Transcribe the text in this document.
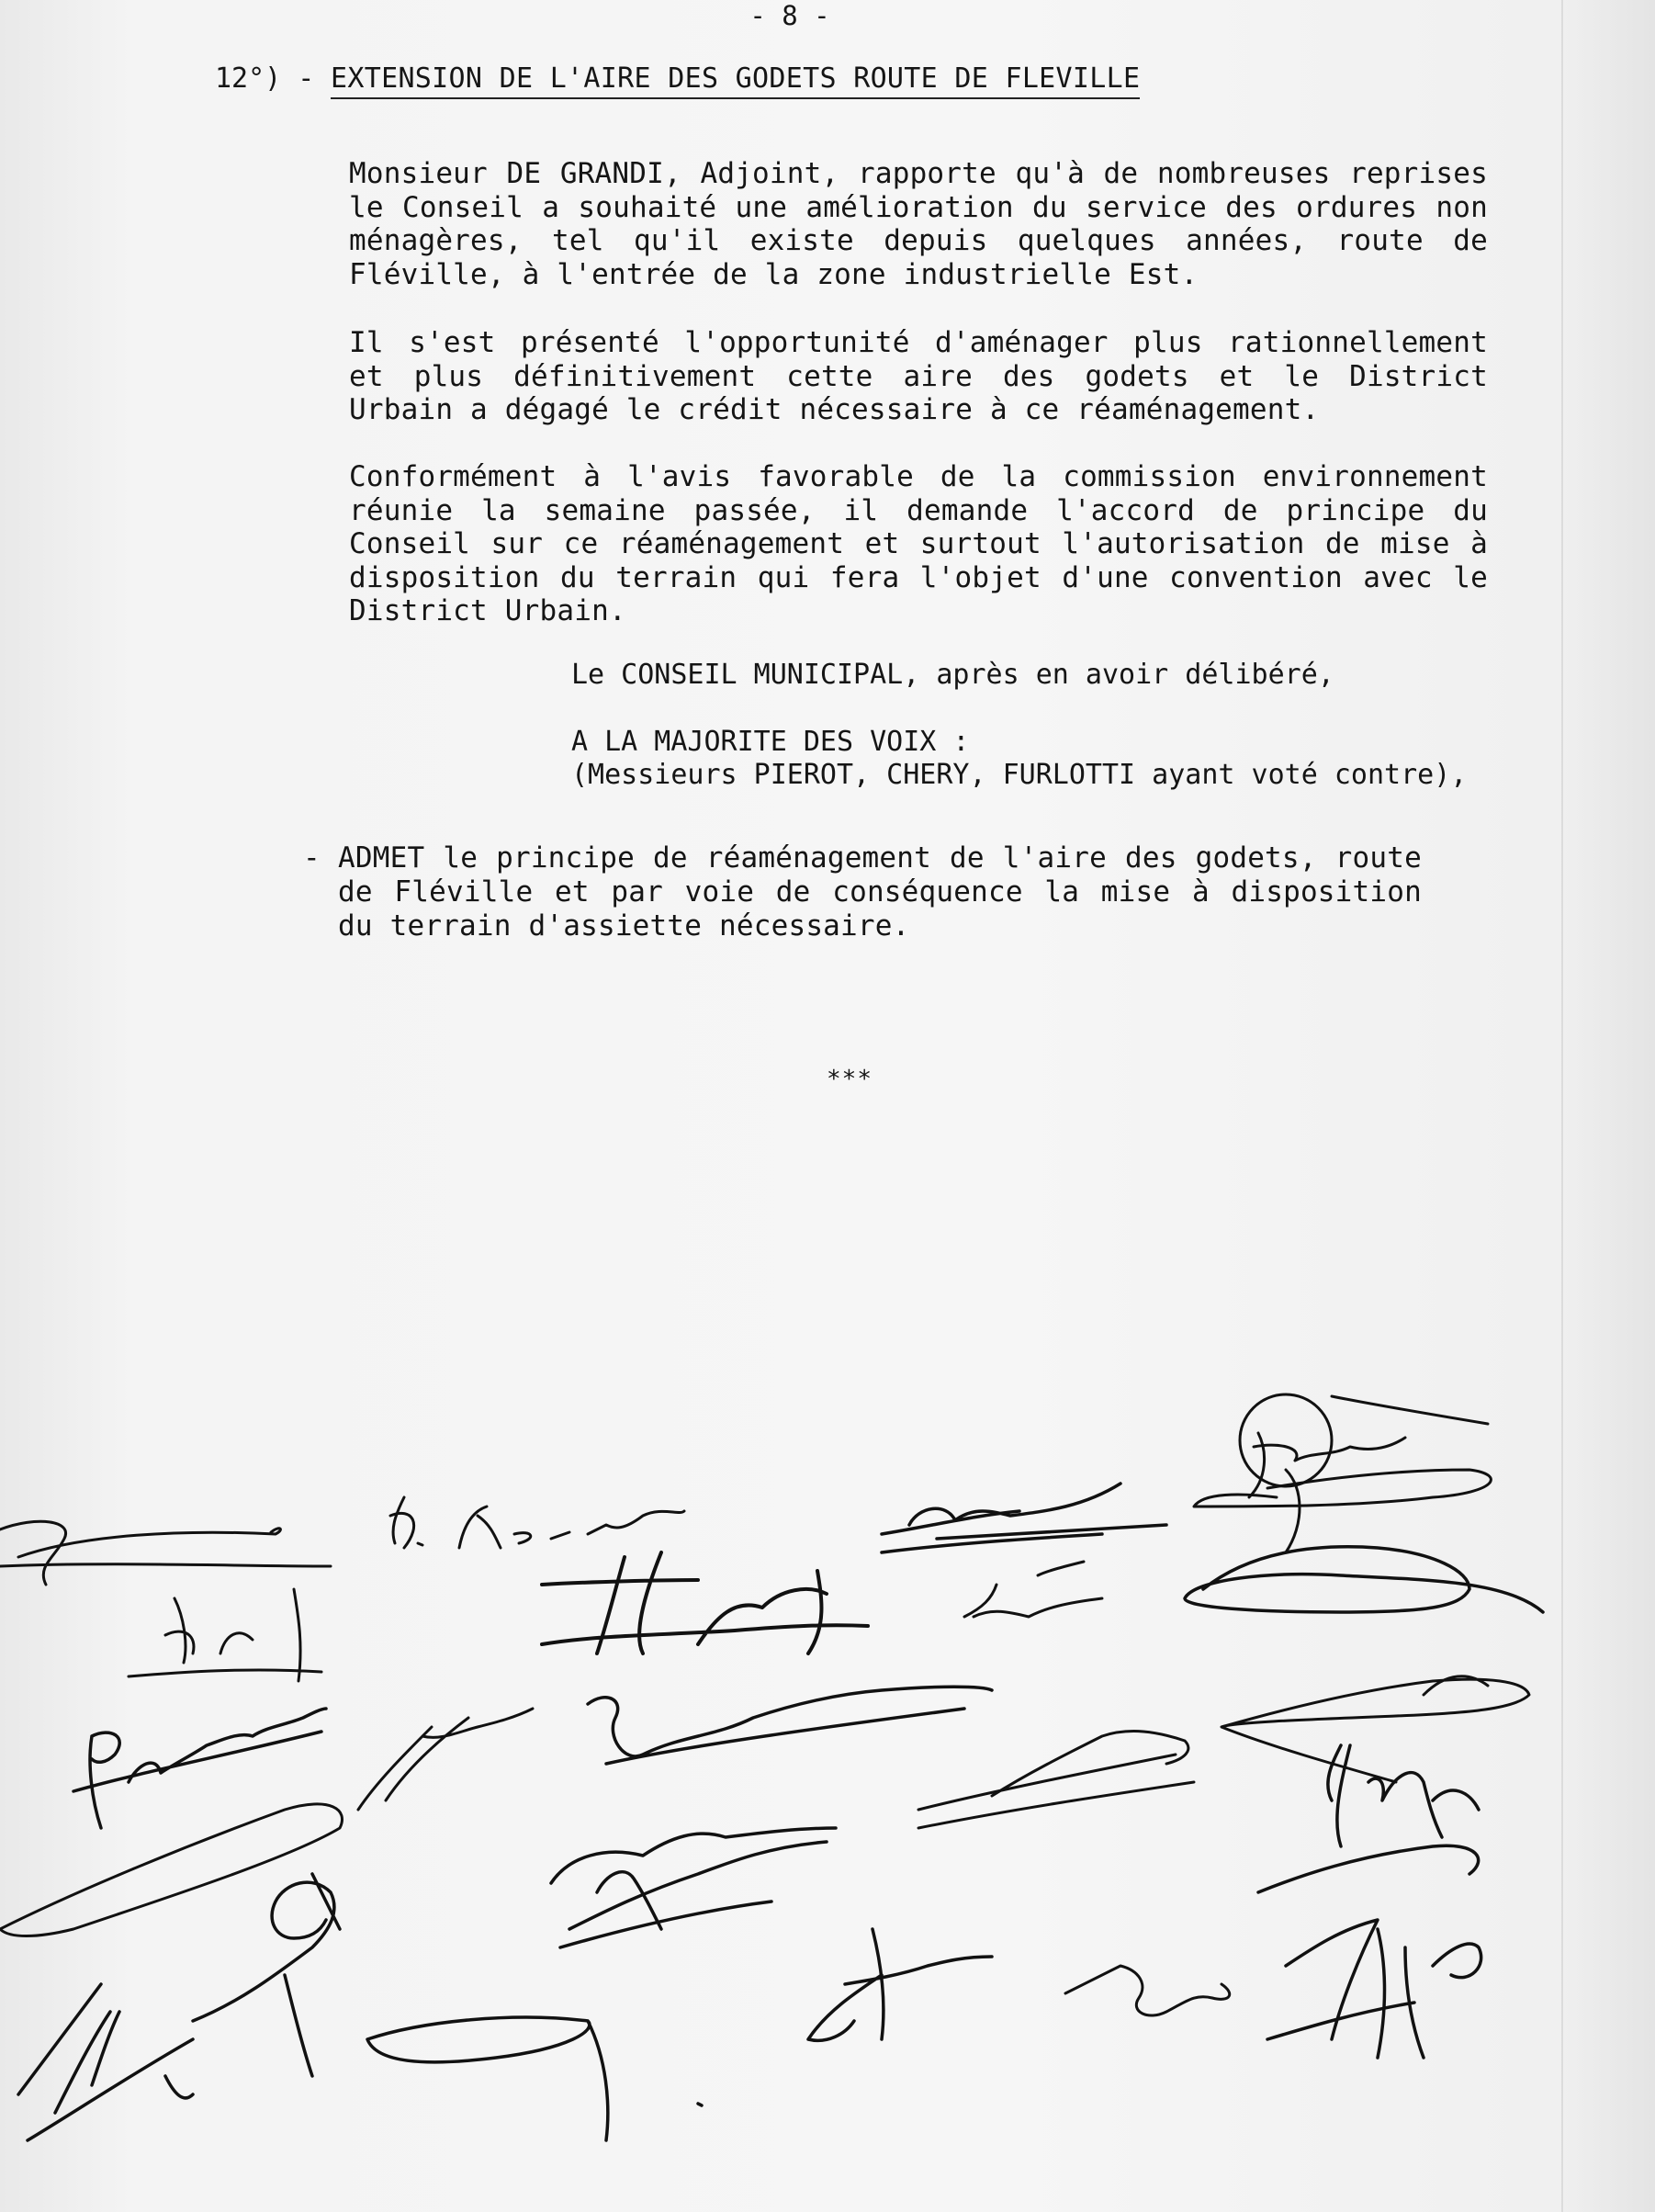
- 8 -
12°) - EXTENSION DE L'AIRE DES GODETS ROUTE DE FLEVILLE
Monsieur DE GRANDI, Adjoint, rapporte qu'à de nombreuses reprises le Conseil a souhaité une amélioration du service des ordures non ménagères, tel qu'il existe depuis quelques années, route de Fléville, à l'entrée de la zone industrielle Est.
Il s'est présenté l'opportunité d'aménager plus rationnellement et plus définitivement cette aire des godets et le District Urbain a dégagé le crédit nécessaire à ce réaménagement.
Conformément à l'avis favorable de la commission environnement réunie la semaine passée, il demande l'accord de principe du Conseil sur ce réaménagement et surtout l'autorisation de mise à disposition du terrain qui fera l'objet d'une convention avec le District Urbain.
Le CONSEIL MUNICIPAL, après en avoir délibéré,
A LA MAJORITE DES VOIX :
(Messieurs PIEROT, CHERY, FURLOTTI ayant voté contre),
- ADMET le principe de réaménagement de l'aire des godets, route de Fléville et par voie de conséquence la mise à disposition du terrain d'assiette nécessaire.
***
